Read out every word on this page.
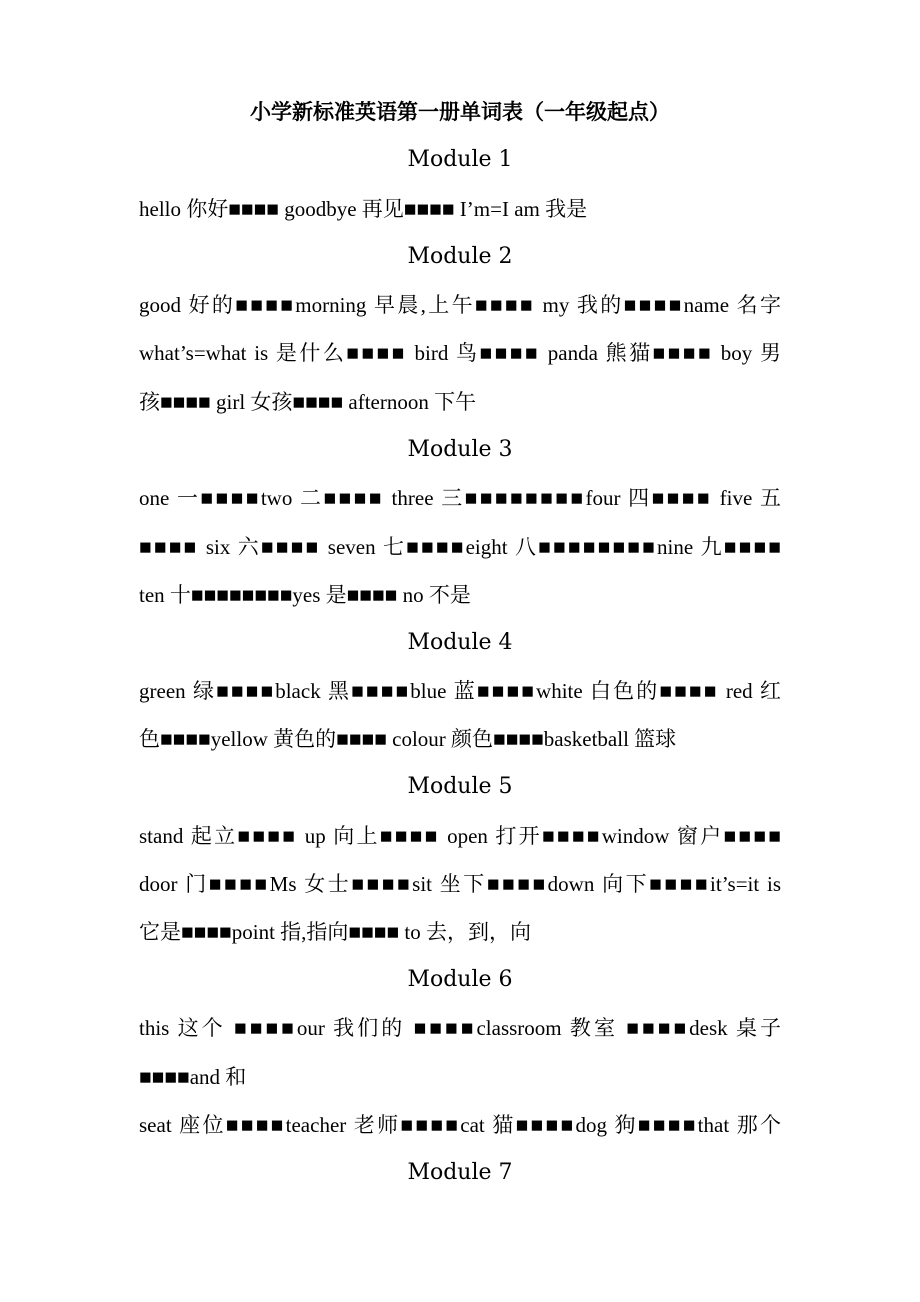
小学新标准英语第一册单词表（一年级起点）
Module 1
hello 你好■■■■ goodbye 再见■■■■ I’m=I am 我是
Module 2
good 好的■■■■morning 早晨,上午■■■■ my 我的■■■■name 名字
what’s=what is 是什么■■■■ bird 鸟■■■■ panda 熊猫■■■■ boy 男
孩■■■■ girl 女孩■■■■ afternoon 下午
Module 3
one 一■■■■two 二■■■■ three 三■■■■■■■■four 四■■■■ five 五
■■■■ six 六■■■■ seven 七■■■■eight 八■■■■■■■■nine 九■■■■
ten 十■■■■■■■■yes 是■■■■ no 不是
Module 4
green 绿■■■■black 黑■■■■blue 蓝■■■■white 白色的■■■■ red 红
色■■■■yellow 黄色的■■■■ colour 颜色■■■■basketball 篮球
Module 5
stand 起立■■■■ up 向上■■■■ open 打开■■■■window 窗户■■■■
door 门■■■■Ms 女士■■■■sit 坐下■■■■down 向下■■■■it’s=it is
它是■■■■point 指,指向■■■■ to 去，到，向
Module 6
this 这个 ■■■■our 我们的 ■■■■classroom 教室 ■■■■desk 桌子
■■■■and 和
seat 座位■■■■teacher 老师■■■■cat 猫■■■■dog 狗■■■■that 那个
Module 7
